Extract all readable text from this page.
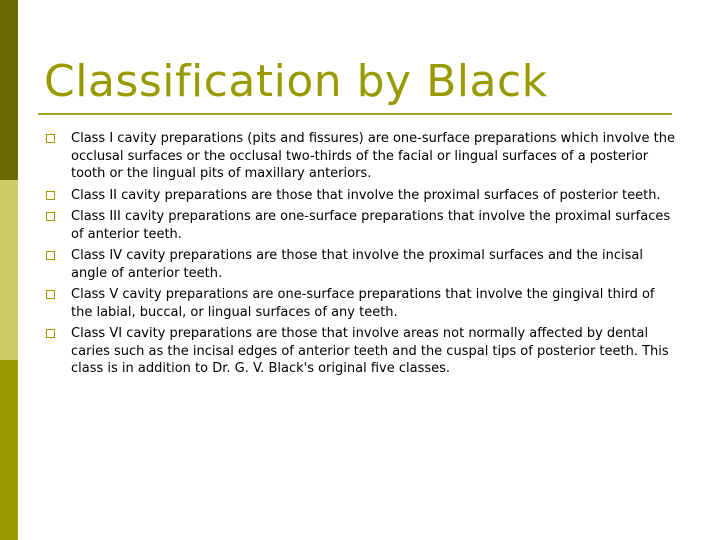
Classification by Black
Class I cavity preparations (pits and fissures) are one-surface preparations which involve the occlusal surfaces or the occlusal two-thirds of the facial or lingual surfaces of a posterior tooth or the lingual pits of maxillary anteriors.
Class II cavity preparations are those that involve the proximal surfaces of posterior teeth.
Class III cavity preparations are one-surface preparations that involve the proximal surfaces of anterior teeth.
Class IV cavity preparations are those that involve the proximal surfaces and the incisal angle of anterior teeth.
Class V cavity preparations are one-surface preparations that involve the gingival third of the labial, buccal, or lingual surfaces of any teeth.
Class VI cavity preparations are those that involve areas not normally affected by dental caries such as the incisal edges of anterior teeth and the cuspal tips of posterior teeth. This class is in addition to Dr. G. V. Black's original five classes.
